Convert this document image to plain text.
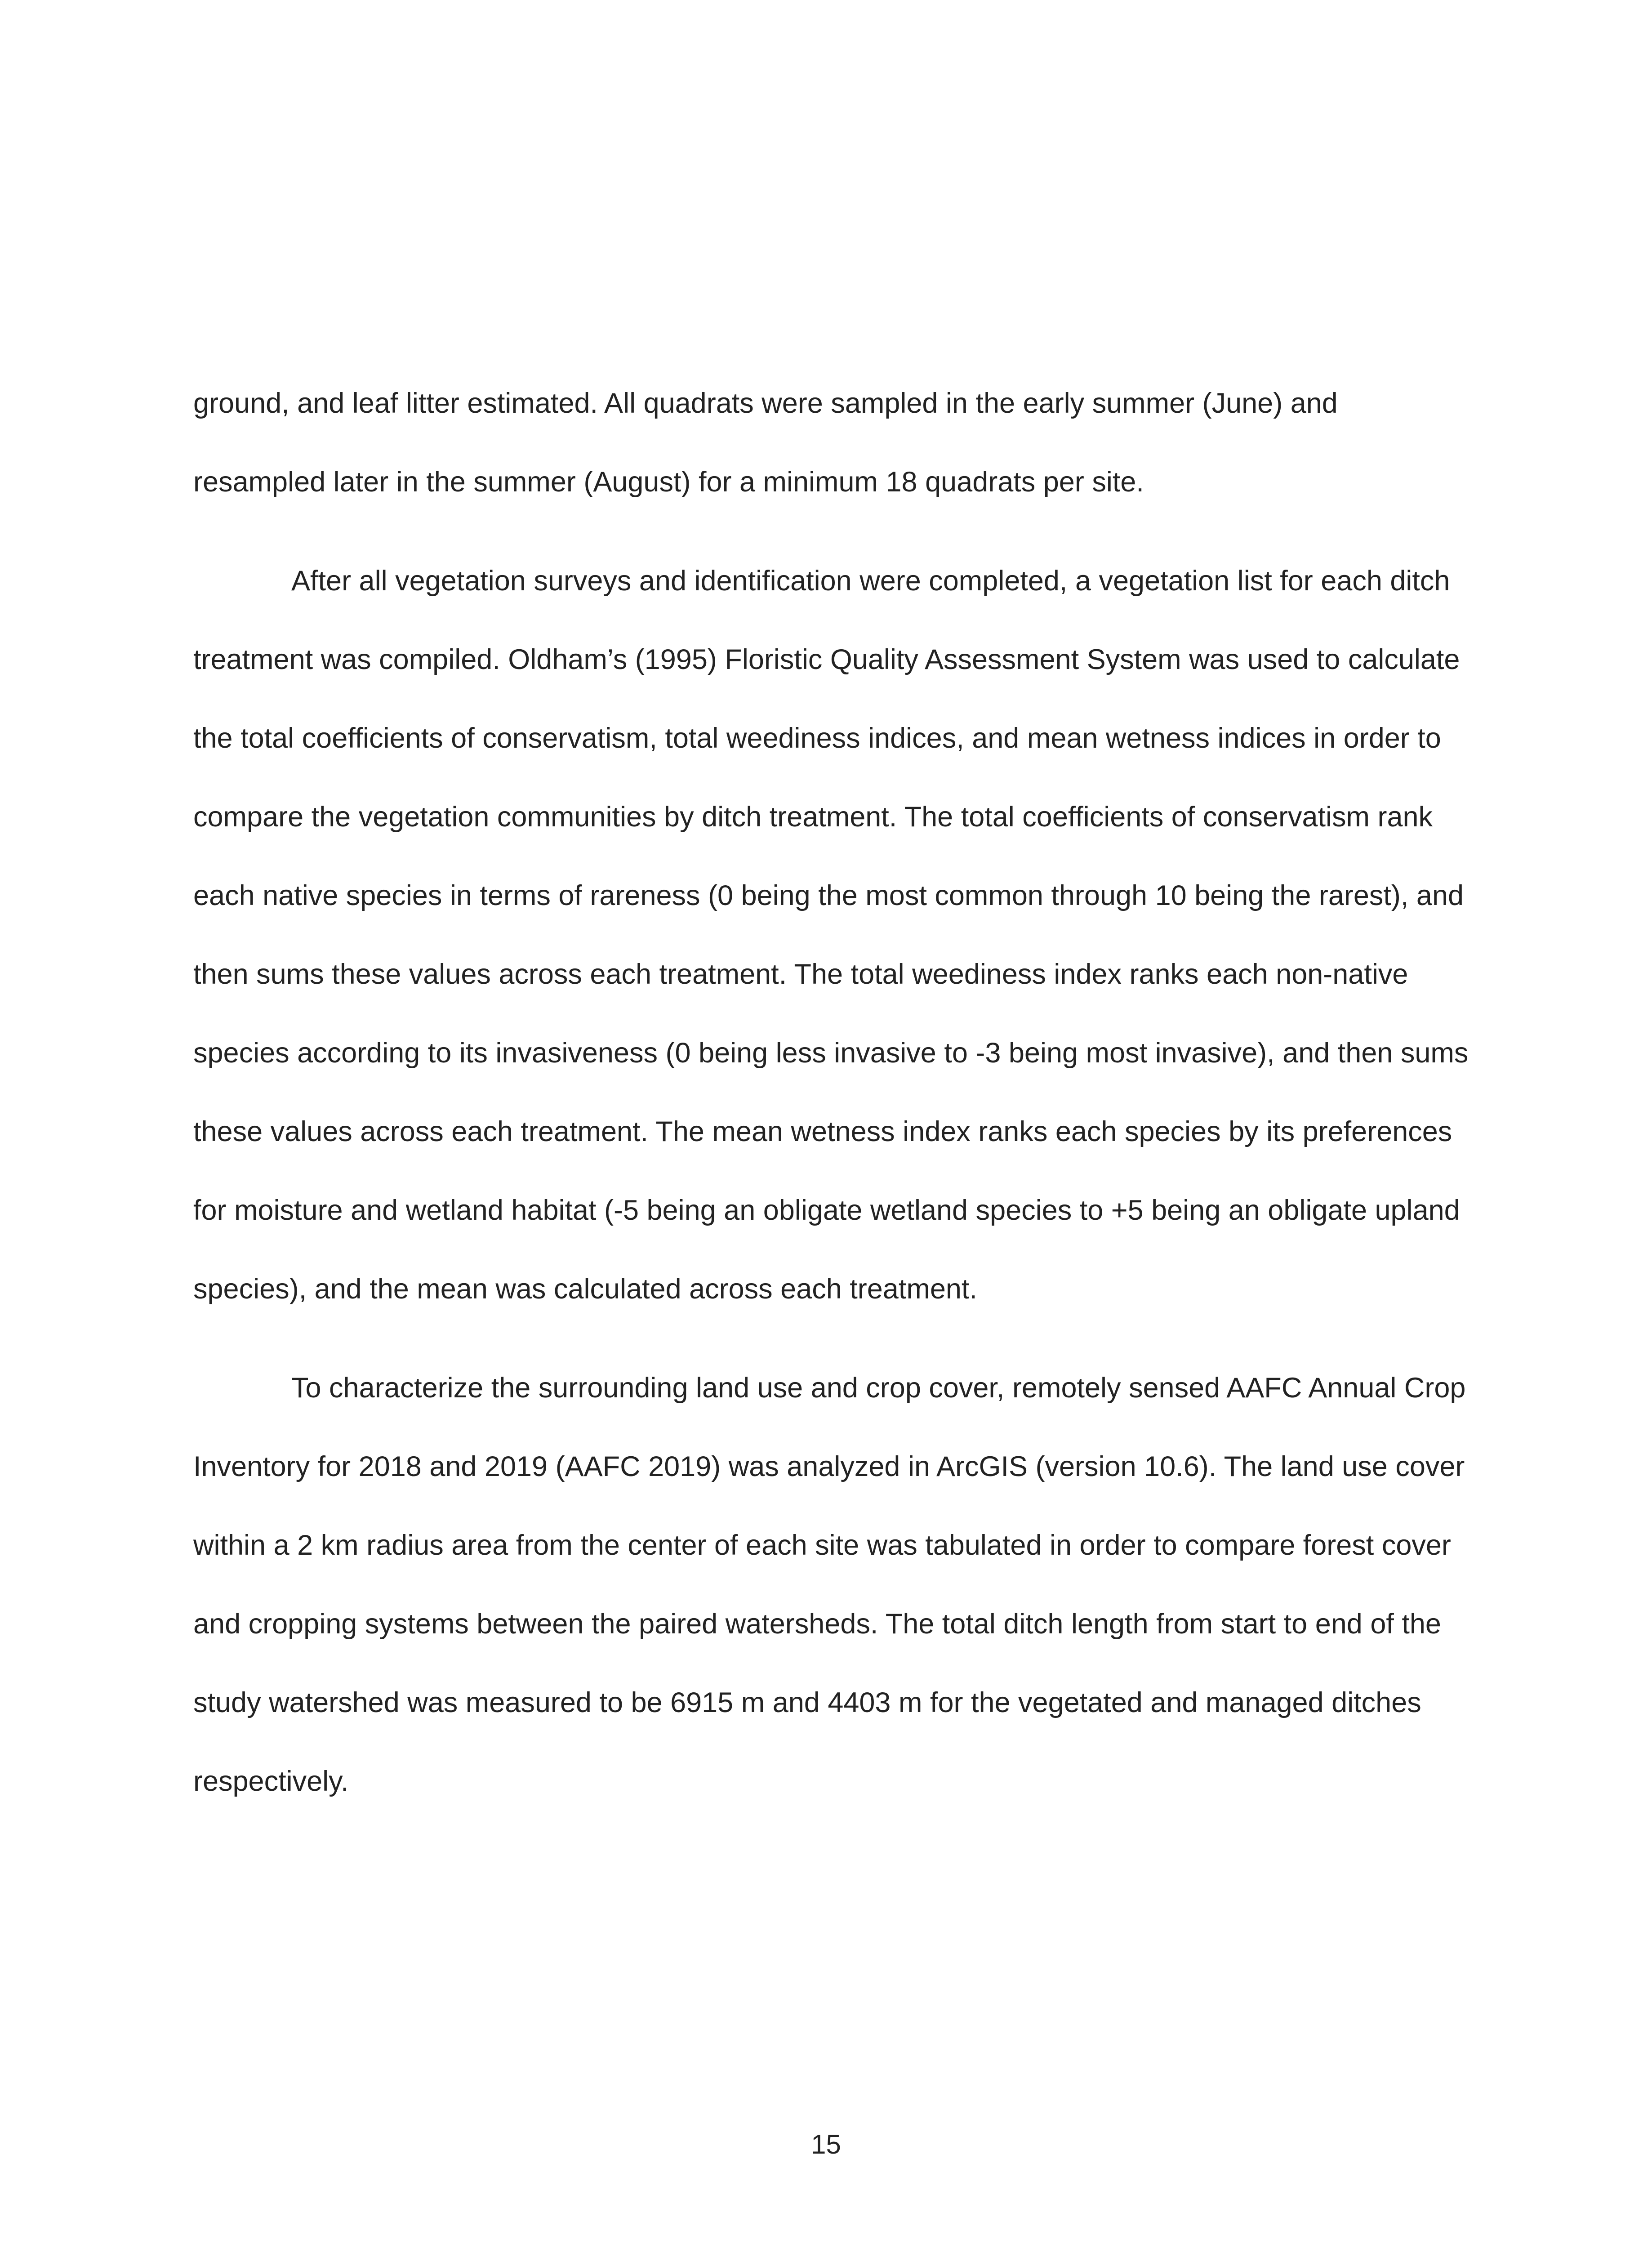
ground, and leaf litter estimated. All quadrats were sampled in the early summer (June) and resampled later in the summer (August) for a minimum 18 quadrats per site.

After all vegetation surveys and identification were completed, a vegetation list for each ditch treatment was compiled. Oldham’s (1995) Floristic Quality Assessment System was used to calculate the total coefficients of conservatism, total weediness indices, and mean wetness indices in order to compare the vegetation communities by ditch treatment. The total coefficients of conservatism rank each native species in terms of rareness (0 being the most common through 10 being the rarest), and then sums these values across each treatment. The total weediness index ranks each non-native species according to its invasiveness (0 being less invasive to -3 being most invasive), and then sums these values across each treatment. The mean wetness index ranks each species by its preferences for moisture and wetland habitat (-5 being an obligate wetland species to +5 being an obligate upland species), and the mean was calculated across each treatment.

To characterize the surrounding land use and crop cover, remotely sensed AAFC Annual Crop Inventory for 2018 and 2019 (AAFC 2019) was analyzed in ArcGIS (version 10.6). The land use cover within a 2 km radius area from the center of each site was tabulated in order to compare forest cover and cropping systems between the paired watersheds. The total ditch length from start to end of the study watershed was measured to be 6915 m and 4403 m for the vegetated and managed ditches respectively.

15
